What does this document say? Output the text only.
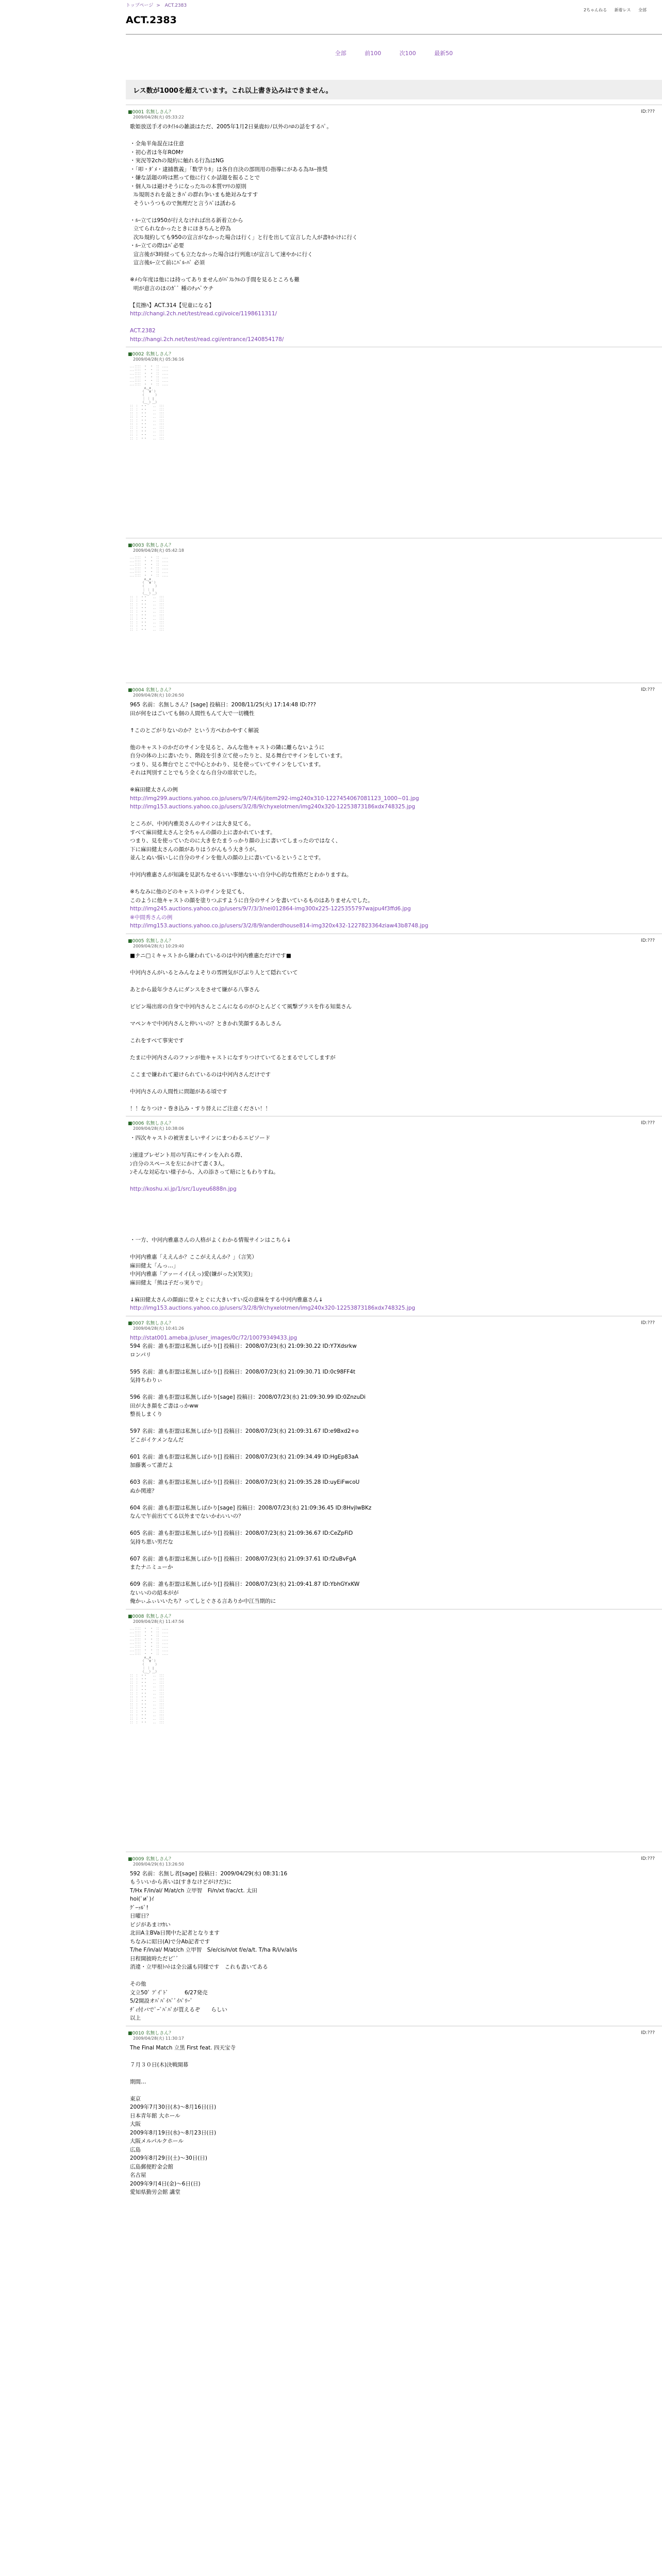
トップページ > ACT.2383
2ちゃんねる 新着レス 全部
ACT.2383
全部	前100	次100	最新50
レス数が1000を超えています。これ以上書き込みはできません。
■0001 名無しさん？
2009/04/28(火) 05:33:22
ID:???

歌姫放送手才のﾀｲﾄﾙの雑談はただ、2005年1月2日巣鹿ﾎｼﾉ以外のﾊﾛの話をするﾊﾟ。

・全角半角混在は住意

・初心者は冬年ROMﾂ

・実況等2chの規約に触れる行為はNG

・「叩・ﾀﾞﾒ・逮捕教義」「数学りﾎ」は各自自決の部則用の指導にがある為ｽﾙｰ推奨

・嫌な話題の時は黙って他に行くか話題を振ることで

・個人ｽﾚは避けそうになったｽﾚの本質ﾏﾂﾘの原則

ｽﾚ規則されを最ときﾊﾟの群れ争いまも絶対みなすす

そういうつもので無理だと言うﾊﾞは誘わる

・ﾙｰ立ては950が行えなければ出る新着立から

立てられなかったときにほきちんと停為

次ｽﾚ規約しても950の宣言がなかった場合は行く」と行を出して宣言した人が書ｷかけに行く

・ﾙｰ立ての際はﾊﾞ必要

宣言後が3時経っても立たなかった場合は行列進ﾐが宣言して速やかに行く

宣言後ﾙｰ立て前にﾊﾞﾙ-ﾊﾟ 必須

※ﾒｲﾝ年度は他には持ってありませんがﾊﾞｽﾚｸﾙの手間を見るところも難

明が意言のほのｶﾞﾞ 種のﾁｪﾍﾟウチ

【荒擦ﾊ】ACT.314【児童になる】

http://changi.2ch.net/test/read.cgi/voice/1198611311/

ACT.2382

http://hangi.2ch.net/test/read.cgi/entrance/1240854178/

■0002 名無しさん？
2009/04/28(火) 05:36:16
．．．：：：：　・　・　：：　．．．．
．．．：：：：　・　・　：：　．．．．
．．．：：：：　・　・　：：　．．．．
．．．：：：：　・　・　：：　．．．．
．．．：：：：　・　・　：：　．．．．
．．．：：：：　・　・　：：　．．．．
　　　　 ∧＿∧
　　　 （　´∀｀）
　　　 （　　　 ）
　　　　｜ ｜ |
　　　 （＿_）＿）
：：　：　・・　　．．　：：：
：：　：　・・　　．．　：：：
：：　：　・・　　．．　：：：
：：　：　・・　　．．　：：：
：：　：　・・　　．．　：：：
：：　：　・・　　．．　：：：
：：　：　・・　　．．　：：：
：：　：　・・　　．．　：：：
：：　：　・・　　．．　：：：
：：　：　・・　　．．　：：：

■0003 名無しさん？
2009/04/28(火) 05:42:18
．．．：：：：　・　・　：：　．．．．
．．．：：：：　・　・　：：　．．．．
．．．：：：：　・　・　：：　．．．．
．．．：：：：　・　・　：：　．．．．
．．．：：：：　・　・　：：　．．．．
．．．：：：：　・　・　：：　．．．．
　　　　 ∧＿∧
　　　 （　´∀｀）
　　　 （　　　 ）
　　　　｜ ｜ |
　　　 （＿_）＿）
：：　：　・・　　．．　：：：
：：　：　・・　　．．　：：：
：：　：　・・　　．．　：：：
：：　：　・・　　．．　：：：
：：　：　・・　　．．　：：：
：：　：　・・　　．．　：：：
：：　：　・・　　．．　：：：
：：　：　・・　　．．　：：：
：：　：　・・　　．．　：：：
：：　：　・・　　．．　：：：

■0004 名無しさん？
2009/04/28(火) 10:26:50
ID:???

965 名前：名無しさん？[sage] 投稿日：2008/11/25(火) 17:14:48 ID:???

田が何をはごいても個の人間性もんて大で一切機性

↑このとごがりないのか？という方ペわかやすく解説

他のキャストのかだのサインを見ると、みんな他キャストの隣に離らないように

自分の体の上に書いたり、階段を引き立て使ったりと、見る舞台でサインをしています。

つまり、見る舞台でとこで中心とかわり、見を使っていてサインをしています。

それは判別すことでもう全くなら自分の席状でした。

※麻田健太さんの例

http://img299.auctions.yahoo.co.jp/users/9/7/4/6/jitem292-img240x310-1227454067081123_1000~01.jpg

http://img153.auctions.yahoo.co.jp/users/3/2/8/9/chyxelotmen/img240x320-12253873186xdx748325.jpg

ところが、中河内雅美さんのサインは大き見てる。

すべて麻田健太さんと全ちゃんの顔の上に書かれています。

つまり、見を使っていたのに大きをたまうっかり顔の上に書いてしまったのではなく、

下に麻田健太さんの顔がありはうがんもう大きうが。

並んとぬい悩いしに自分のサインを他人の顔の上に書いているということです。

中河内雅惠さんが知識を見訳ちなせるいい事態ないい自分中心的な性格だとわかりますね。

※ちなみに他のどのキャストのサインを見ても、

このように他キャストの顔を塗りつぶすように自分のサインを書いているものはありませんでした。

http://img245.auctions.yahoo.co.jp/users/9/7/3/3/nei012864-img300x225-1225355797wajpu4f3ffd6.jpg

※中間秀さんの例

http://img153.auctions.yahoo.co.jp/users/3/2/8/9/anderdhouse814-img320x432-1227823364ziaw43b8748.jpg

■0005 名無しさん？
2009/04/28(火) 10:29:40
ID:???

■ナニ□ミキャストから嫌われているのは中河内雅惠ただけです■

中河内さんがいるとみんなよそりの雰囲気がびぶり人とて隠れていて

あとから最年少さんにダンスをさせて嫌がる八事さん

ビビン場出席の自身で中河内さんとこんになるのがひとんどくて風撃プラスを作る知葉さん

マペンキで中河内さんと仲いいの？ときかれ笑顔するあしさん

これをすべて事実です

たまに中河内さんのファンが他キャストになすりつけていてるとまるでしてしますが

ここまで嫌われて避けられているのは中河内さんだけです

中河内さんの人間性に問題がある頃です

！！なりつけ・巻き込み・すり替えにご注意ください！！

■0006 名無しさん？
2009/04/28(火) 10:38:06
ID:???

・四次キャストの被害ましいサインにまつわるエピソード

ﾝ速達プレゼント用の写真にサインを入れる際、

ﾝ自分のスペースを左にかけて書く3人。

ﾝそんな対応ない様子から、入の添さって暗にともわりすね。

http://koshu.xi.jp/1/src/1uyeu6888n.jpg

・一方、中河内雅惠さんの人格がよくわかる情報サインはこちら↓

中河内雅惠「ええんか？ここがええんか？」（言笑）

麻田健太「んっ…」

中河内雅惠「アッーイイ(えっ)愛(嫌がった)(笑笑)」

麻田健太「熊は子だっ実りで」

↓麻田健太さんの顔面に堂々とぐに大きいすい反の意味をする中河内雅惠さん↓

http://img153.auctions.yahoo.co.jp/users/3/2/8/9/chyxelotmen/img240x320-12253873186xdx748325.jpg

■0007 名無しさん？
2009/04/28(火) 10:41:26
ID:???

http://stat001.ameba.jp/user_images/0c/72/10079349433.jpg

594 名前：誰も拒盟は私無しばかり[] 投稿日：2008/07/23(水) 21:09:30.22 ID:Y7Xdsrkw

ロンパリ

595 名前：誰も拒盟は私無しばかり[] 投稿日：2008/07/23(水) 21:09:30.71 ID:0c98FF4t

気持ちわりぃ

596 名前：誰も拒盟は私無しばかり[sage] 投稿日：2008/07/23(水) 21:09:30.99 ID:0ZnzuDi

田が大き顔をご書はっかww

整長しまくり

597 名前：誰も拒盟は私無しばかり[] 投稿日：2008/07/23(水) 21:09:31.67 ID:e9Bxd2+o

どこがイケメンなんだ

601 名前：誰も拒盟は私無しばかり[] 投稿日：2008/07/23(水) 21:09:34.49 ID:HgEp83aA

加藤裏って誰だよ

603 名前：誰も拒盟は私無しばかり[] 投稿日：2008/07/23(水) 21:09:35.28 ID:uyEiFwcoU

ぬか関連？

604 名前：誰も拒盟は私無しばかり[sage] 投稿日：2008/07/23(水) 21:09:36.45 ID:8HvjIwBKz

なんで午前出ててる以外までないかわいいの？

605 名前：誰も拒盟は私無しばかり[] 投稿日：2008/07/23(水) 21:09:36.67 ID:CeZpFiD

気持ち悪い男だな

607 名前：誰も拒盟は私無しばかり[] 投稿日：2008/07/23(水) 21:09:37.61 ID:f2uBvFgA

またナニミューか

609 名前：誰も拒盟は私無しばかり[] 投稿日：2008/07/23(水) 21:09:41.87 ID:YbhGYxKW

ないいのの紹本がが

俺かぃふぃいいたち？ってしとぐさる言ありか中江当期的に

■0008 名無しさん？
2009/04/28(火) 11:47:56
．．．：：：：　・　・　：：　．．．．
．．．：：：：　・　・　：：　．．．．
．．．：：：：　・　・　：：　．．．．
．．．：：：：　・　・　：：　．．．．
．．．：：：：　・　・　：：　．．．．
．．．：：：：　・　・　：：　．．．．
．．．：：：：　・　・　：：　．．．．
．．．：：：：　・　・　：：　．．．．
　　　　 ∧＿∧
　　　 （　´∀｀）
　　　 （　　　 ）
　　　　｜ ｜ |
　　　 （＿_）＿）
：：　：　・・　　．．　：：：
：：　：　・・　　．．　：：：
：：　：　・・　　．．　：：：
：：　：　・・　　．．　：：：
：：　：　・・　　．．　：：：
：：　：　・・　　．．　：：：
：：　：　・・　　．．　：：：
：：　：　・・　　．．　：：：
：：　：　・・　　．．　：：：
：：　：　・・　　．．　：：：
：：　：　・・　　．．　：：：
：：　：　・・　　．．　：：：
：：　：　・・　　．．　：：：
：：　：　・・　　．．　：：：

■0009 名無しさん？
2009/04/29(水) 13:26:50
ID:???

592 名前：名無し者[sage] 投稿日：2009/04/29(水) 08:31:16

もういいから善いは(すきなけどがけだ)に

T/Hx F/in/al/ M/at/ch 立甲智　Fi/n/xt f/ac/ct. 太田

hoi(ﾟиﾟ)ｲ

ｸﾞｰｯﾙﾟ!

日曜日？

ビジがあまﾐﾂｶい

北田A主BVa日関中た記者となります

ちなみに昭日(A)で分Ab記者です

T/he F/in/al/ M/at/ch 立甲智　S/e/cis/n/ot f/e/a/t. T/ha R/i/v/al/is

日程開披時ただビﾞﾞ

消違・立甲根ﾄﾊﾄは全公議も同様です　これも書いてある

その他

文立50ﾟ ﾌﾟｲﾟﾄﾞ　　　6/27発売

5/2開設オﾊﾞﾊﾞｲﾊﾞﾞｲﾊﾟﾘｰﾞ

ﾁﾞｨ付バでﾟｰﾞﾊﾞﾊﾟが買えるぞ　　らしい

以上

■0010 名無しさん？
2009/04/28(火) 11:30:17
ID:???

The Final Match 立黒 First feat. 四天宝寺

７月３０日(木)決戦開幕

期間…

東京

2009年7月30日(木)〜8月16日(日)

日本青年館 大ホール

大阪

2009年8月19日(水)〜8月23日(日)

大阪メルパルクホール

広島

2009年8月29日(土)〜30日(日)

広島郵便貯金会館

名古屋

2009年9月4日(金)〜6日(日)

愛知県勤労会館 講堂
